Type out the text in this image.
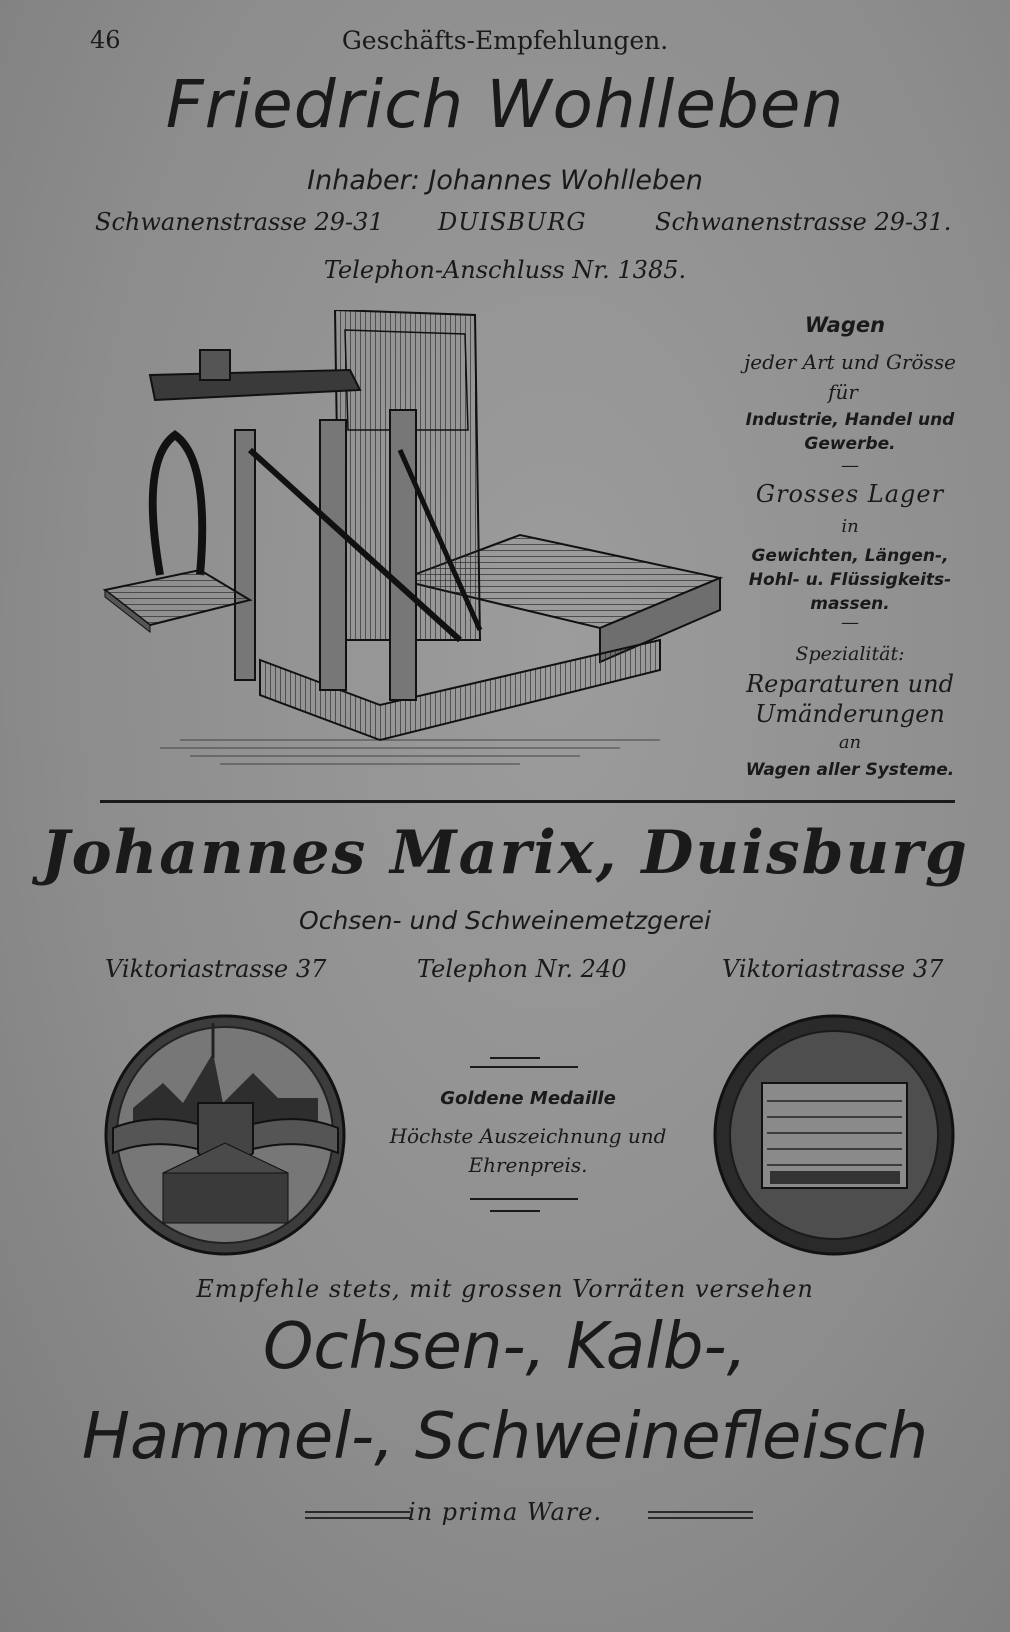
46	Geschäfts-Empfehlungen.
Friedrich Wohlleben
Inhaber: Johannes Wohlleben
Schwanenstrasse 29-31 DUISBURG	Schwanenstrasse 29-31.
Telephon-Anschluss Nr. 1385.
Wagen
jeder Art und Grösse
für
Industrie, Handel und
Gewerbe.
—
Grosses Lager
in
Gewichten, Längen-,
Hohl- u. Flüssigkeits-
massen.
—
Spezialität:
Reparaturen und
Umänderungen
an
Wagen aller Systeme.
Johannes Marix, Duisburg
Ochsen- und Schweinemetzgerei
Viktoriastrasse 37	Telephon Nr. 240	Viktoriastrasse 37
Goldene Medaille
Höchste Auszeichnung und
Ehrenpreis.
Empfehle stets, mit grossen Vorräten versehen
Ochsen-, Kalb-,
Hammel-, Schweinefleisch
in prima Ware.
